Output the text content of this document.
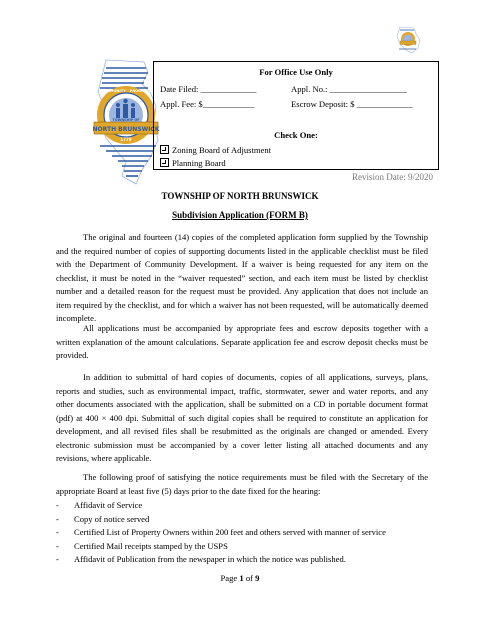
NORTH BRUNSWICK
COMMUNITY · PROGRESS
TOWNSHIP OF
1779
For Office Use Only
Date Filed: _____________	Appl. No.: __________________
Appl. Fee: $____________	Escrow Deposit: $ _____________
Check One:
Zoning Board of Adjustment
Planning Board
Revision Date: 9/2020
TOWNSHIP OF NORTH BRUNSWICK
Subdivision Application (FORM B)
The original and fourteen (14) copies of the completed application form supplied by the Township and the required number of copies of supporting documents listed in the applicable checklist must be filed with the Department of Community Development. If a waiver is being requested for any item on the checklist, it must be noted in the “waiver requested” section, and each item must be listed by checklist number and a detailed reason for the request must be provided. Any application that does not include an item required by the checklist, and for which a waiver has not been requested, will be automatically deemed incomplete.
All applications must be accompanied by appropriate fees and escrow deposits together with a written explanation of the amount calculations. Separate application fee and escrow deposit checks must be provided.
In addition to submittal of hard copies of documents, copies of all applications, surveys, plans, reports and studies, such as environmental impact, traffic, stormwater, sewer and water reports, and any other documents associated with the application, shall be submitted on a CD in portable document format (pdf) at 400 × 400 dpi. Submittal of such digital copies shall be required to constitute an application for development, and all revised files shall be resubmitted as the originals are changed or amended. Every electronic submission must be accompanied by a cover letter listing all attached documents and any revisions, where applicable.
The following proof of satisfying the notice requirements must be filed with the Secretary of the appropriate Board at least five (5) days prior to the date fixed for the hearing:
- Affidavit of Service
- Copy of notice served
- Certified List of Property Owners within 200 feet and others served with manner of service
- Certified Mail receipts stamped by the USPS
- Affidavit of Publication from the newspaper in which the notice was published.
Page 1 of 9
